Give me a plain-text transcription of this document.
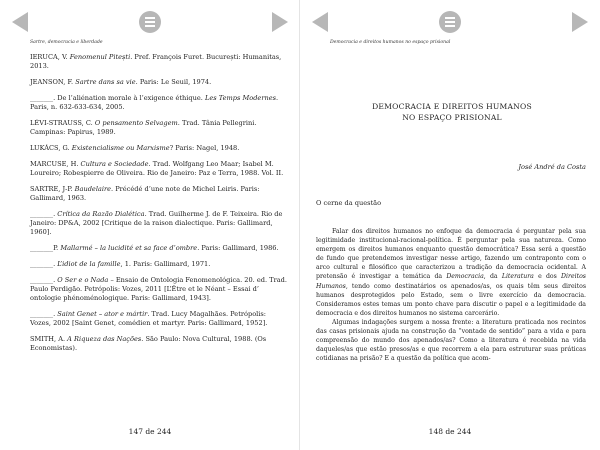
Sartre, democracia e liberdade

IERUCA, V. Fenomenul Pitești. Pref. François Furet. București: Humanitas, 2013.

JEANSON, F. Sartre dans sa vie. Paris: Le Seuil, 1974.

_______. De l’aliénation morale à l’exigence éthique. Les Temps Modernes. Paris, n. 632-633-634, 2005.

LÉVI-STRAUSS, C. O pensamento Selvagem. Trad. Tânia Pellegrini. Campinas: Papirus, 1989.

LUKÁCS, G. Existencialisme ou Marxisme? Paris: Nagel, 1948.

MARCUSE, H. Cultura e Sociedade. Trad. Wolfgang Leo Maar; Isabel M. Loureiro; Robespierre de Oliveira. Rio de Janeiro: Paz e Terra, 1988. Vol. II.

SARTRE, J-P. Baudelaire. Précédé d’une note de Michel Leiris. Paris: Gallimard, 1963.

_______. Crítica da Razão Dialética. Trad. Guilherme J. de F. Teixeira. Rio de Janeiro: DP&A, 2002 [Critique de la raison dialectique. Paris: Gallimard, 1960].

_______P. Mallarmé – la lucidité et sa face d’ombre. Paris: Gallimard, 1986.

_______. L’idiot de la famille, 1. Paris: Gallimard, 1971.

_______. O Ser e o Nada – Ensaio de Ontologia Fenomenológica. 20. ed. Trad. Paulo Perdigão. Petrópolis: Vozes, 2011 [L’Être et le Néant – Essai d’ ontologie phénoménologique. Paris: Gallimard, 1943].

_______. Saint Genet – ator e mártir. Trad. Lucy Magalhães. Petrópolis: Vozes, 2002 [Saint Genet, comédien et martyr. Paris: Gallimard, 1952].

SMITH, A. A Riqueza das Nações. São Paulo: Nova Cultural, 1988. (Os Economistas).

147 de 244
Democracia e direitos humanos no espaço prisional
DEMOCRACIA E DIREITOS HUMANOS
NO ESPAÇO PRISIONAL
José André da Costa
O cerne da questão

Falar dos direitos humanos no enfoque da democracia é perguntar pela sua legitimidade institucional-racional-política. É perguntar pela sua natureza. Como emergem os direitos humanos enquanto questão democrática? Essa será a questão de fundo que pretendemos investigar nesse artigo, fazendo um contraponto com o arco cultural e filosófico que caracterizou a tradição da democracia ocidental. A pretensão é investigar a temática da Democracia, da Literatura e dos Direitos Humanos, tendo como destinatários os apenados/as, os quais têm seus direitos humanos desprotegidos pelo Estado, sem o livre exercício da democracia. Consideramos estes temas um ponto chave para discutir o papel e a legitimidade da democracia e dos direitos humanos no sistema carcerário.

Algumas indagações surgem a nossa frente: a literatura praticada nos recintos das casas prisionais ajuda na construção da “vontade de sentido” para a vida e para compreensão do mundo dos apenados/as? Como a literatura é recebida na vida daqueles/as que estão presos/as e que recorrem a ela para estruturar suas práticas cotidianas na prisão? E a questão da política que acom-

148 de 244
